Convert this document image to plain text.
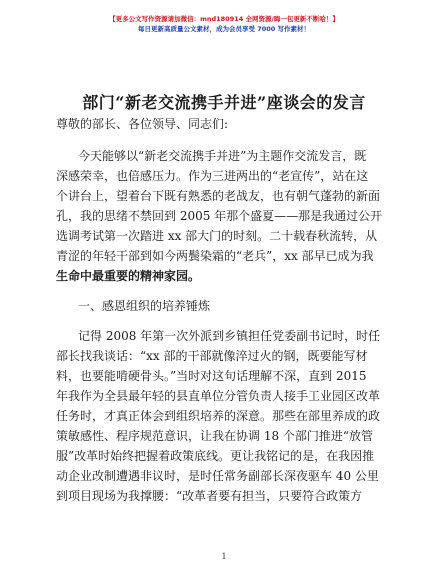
【更多公文写作资源请加微信：mnd180914 全网资源/晦一包更新不断哈！】
每日更新高质量公文素材，成为会员享受 7000 写作素材！
部门“新老交流携手并进”座谈会的发言
尊敬的部长、各位领导、同志们:
今天能够以“新老交流携手并进”为主题作交流发言，既
深感荣幸，也倍感压力。作为三进两出的“老宣传”，站在这
个讲台上，望着台下既有熟悉的老战友，也有朝气蓬勃的新面
孔，我的思绪不禁回到 2005 年那个盛夏——那是我通过公开
选调考试第一次踏进 xx 部大门的时刻。二十载春秋流转，从
青涩的年轻干部到如今两鬓染霜的“老兵”，xx 部早已成为我
生命中最重要的精神家园。
一、感恩组织的培养锤炼
记得 2008 年第一次外派到乡镇担任党委副书记时，时任
部长找我谈话：“xx 部的干部就像淬过火的钢，既要能写材
料，也要能啃硬骨头。”当时对这句话理解不深，直到 2015
年我作为全县最年轻的县直单位分管负责人接手工业园区改革
任务时，才真正体会到组织培养的深意。那些在部里养成的政
策敏感性、程序规范意识，让我在协调 18 个部门推进“放管
服”改革时始终把握着政策底线。更让我铭记的是，在我因推
动企业改制遭遇非议时，是时任常务副部长深夜驱车 40 公里
到项目现场为我撑腰：“改革者要有担当，只要符合政策方
1
